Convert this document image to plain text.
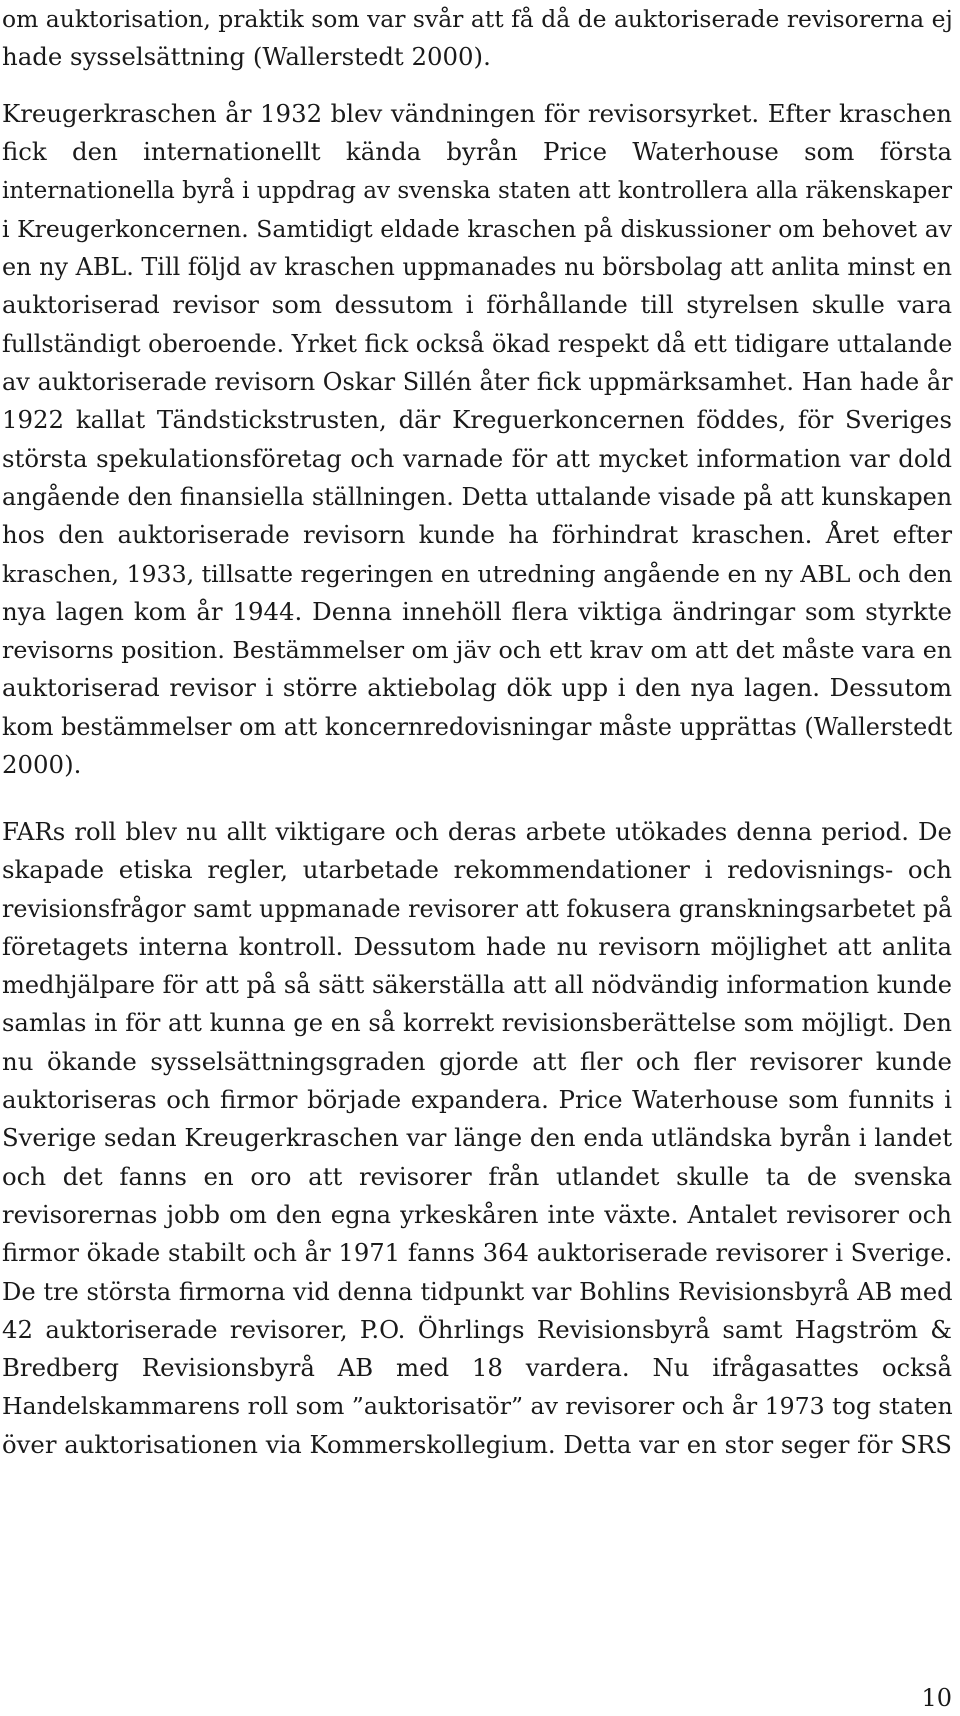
om auktorisation, praktik som var svår att få då de auktoriserade revisorerna ej
hade sysselsättning (Wallerstedt 2000).
Kreugerkraschen år 1932 blev vändningen för revisorsyrket. Efter kraschen
fick den internationellt kända byrån Price Waterhouse som första
internationella byrå i uppdrag av svenska staten att kontrollera alla räkenskaper
i Kreugerkoncernen. Samtidigt eldade kraschen på diskussioner om behovet av
en ny ABL. Till följd av kraschen uppmanades nu börsbolag att anlita minst en
auktoriserad revisor som dessutom i förhållande till styrelsen skulle vara
fullständigt oberoende. Yrket fick också ökad respekt då ett tidigare uttalande
av auktoriserade revisorn Oskar Sillén åter fick uppmärksamhet. Han hade år
1922 kallat Tändstickstrusten, där Kreguerkoncernen föddes, för Sveriges
största spekulationsföretag och varnade för att mycket information var dold
angående den finansiella ställningen. Detta uttalande visade på att kunskapen
hos den auktoriserade revisorn kunde ha förhindrat kraschen. Året efter
kraschen, 1933, tillsatte regeringen en utredning angående en ny ABL och den
nya lagen kom år 1944. Denna innehöll flera viktiga ändringar som styrkte
revisorns position. Bestämmelser om jäv och ett krav om att det måste vara en
auktoriserad revisor i större aktiebolag dök upp i den nya lagen. Dessutom
kom bestämmelser om att koncernredovisningar måste upprättas (Wallerstedt
2000).
FARs roll blev nu allt viktigare och deras arbete utökades denna period. De
skapade etiska regler, utarbetade rekommendationer i redovisnings- och
revisionsfrågor samt uppmanade revisorer att fokusera granskningsarbetet på
företagets interna kontroll. Dessutom hade nu revisorn möjlighet att anlita
medhjälpare för att på så sätt säkerställa att all nödvändig information kunde
samlas in för att kunna ge en så korrekt revisionsberättelse som möjligt. Den
nu ökande sysselsättningsgraden gjorde att fler och fler revisorer kunde
auktoriseras och firmor började expandera. Price Waterhouse som funnits i
Sverige sedan Kreugerkraschen var länge den enda utländska byrån i landet
och det fanns en oro att revisorer från utlandet skulle ta de svenska
revisorernas jobb om den egna yrkeskåren inte växte. Antalet revisorer och
firmor ökade stabilt och år 1971 fanns 364 auktoriserade revisorer i Sverige.
De tre största firmorna vid denna tidpunkt var Bohlins Revisionsbyrå AB med
42 auktoriserade revisorer, P.O. Öhrlings Revisionsbyrå samt Hagström &
Bredberg Revisionsbyrå AB med 18 vardera. Nu ifrågasattes också
Handelskammarens roll som ”auktorisatör” av revisorer och år 1973 tog staten
över auktorisationen via Kommerskollegium. Detta var en stor seger för SRS
10
